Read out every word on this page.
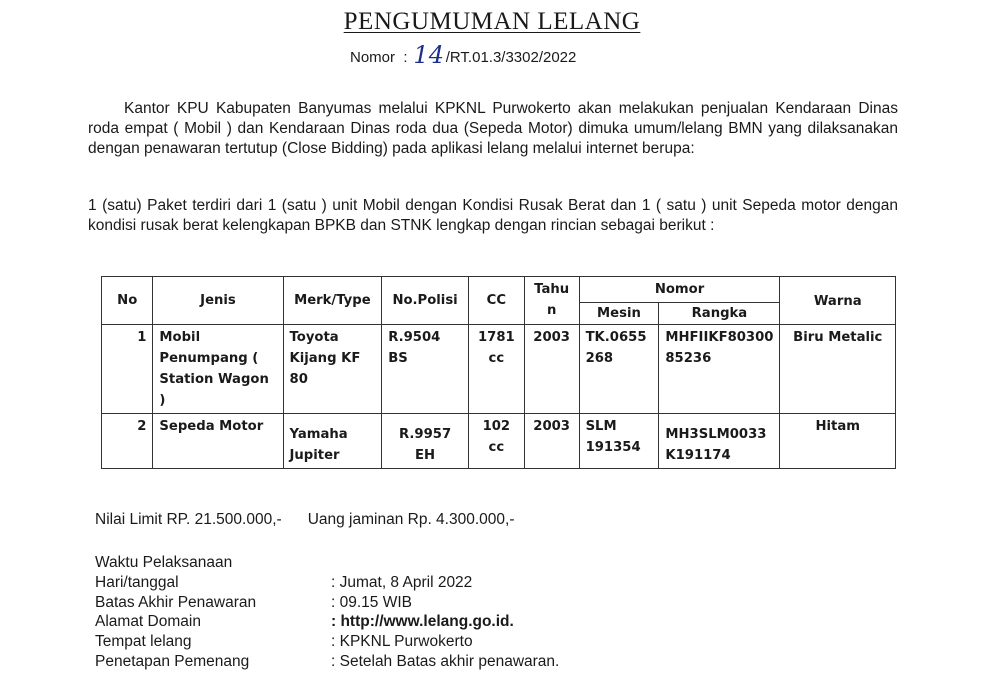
PENGUMUMAN LELANG
Nomor : 14 /RT.01.3/3302/2022

Kantor KPU Kabupaten Banyumas melalui KPKNL Purwokerto akan melakukan penjualan Kendaraan Dinas roda empat ( Mobil ) dan Kendaraan Dinas roda dua (Sepeda Motor) dimuka umum/lelang BMN yang dilaksanakan dengan penawaran tertutup (Close Bidding) pada aplikasi lelang melalui internet berupa:

1 (satu) Paket terdiri dari 1 (satu ) unit Mobil dengan Kondisi Rusak Berat dan 1 ( satu ) unit Sepeda motor dengan kondisi rusak berat kelengkapan BPKB dan STNK lengkap dengan rincian sebagai berikut :

No	Jenis	Merk/Type	No.Polisi	CC	Tahu n	Nomor		Warna
						Mesin	Rangka	
1	Mobil Penumpang ( Station Wagon )	Toyota Kijang KF 80	R.9504 BS	1781 cc	2003	TK.0655 268	MHFIIKF80300 85236	Biru Metalic
2	Sepeda Motor	Yamaha Jupiter	R.9957 EH	102 cc	2003	SLM 191354	MH3SLM0033 K191174	Hitam
Nilai Limit RP. 21.500.000,- Uang jaminan Rp. 4.300.000,-
Waktu Pelaksanaan
Hari/tanggal	: Jumat, 8 April 2022
Batas Akhir Penawaran	: 09.15 WIB
Alamat Domain	: http://www.lelang.go.id.
Tempat lelang	: KPKNL Purwokerto
Penetapan Pemenang	: Setelah Batas akhir penawaran.
